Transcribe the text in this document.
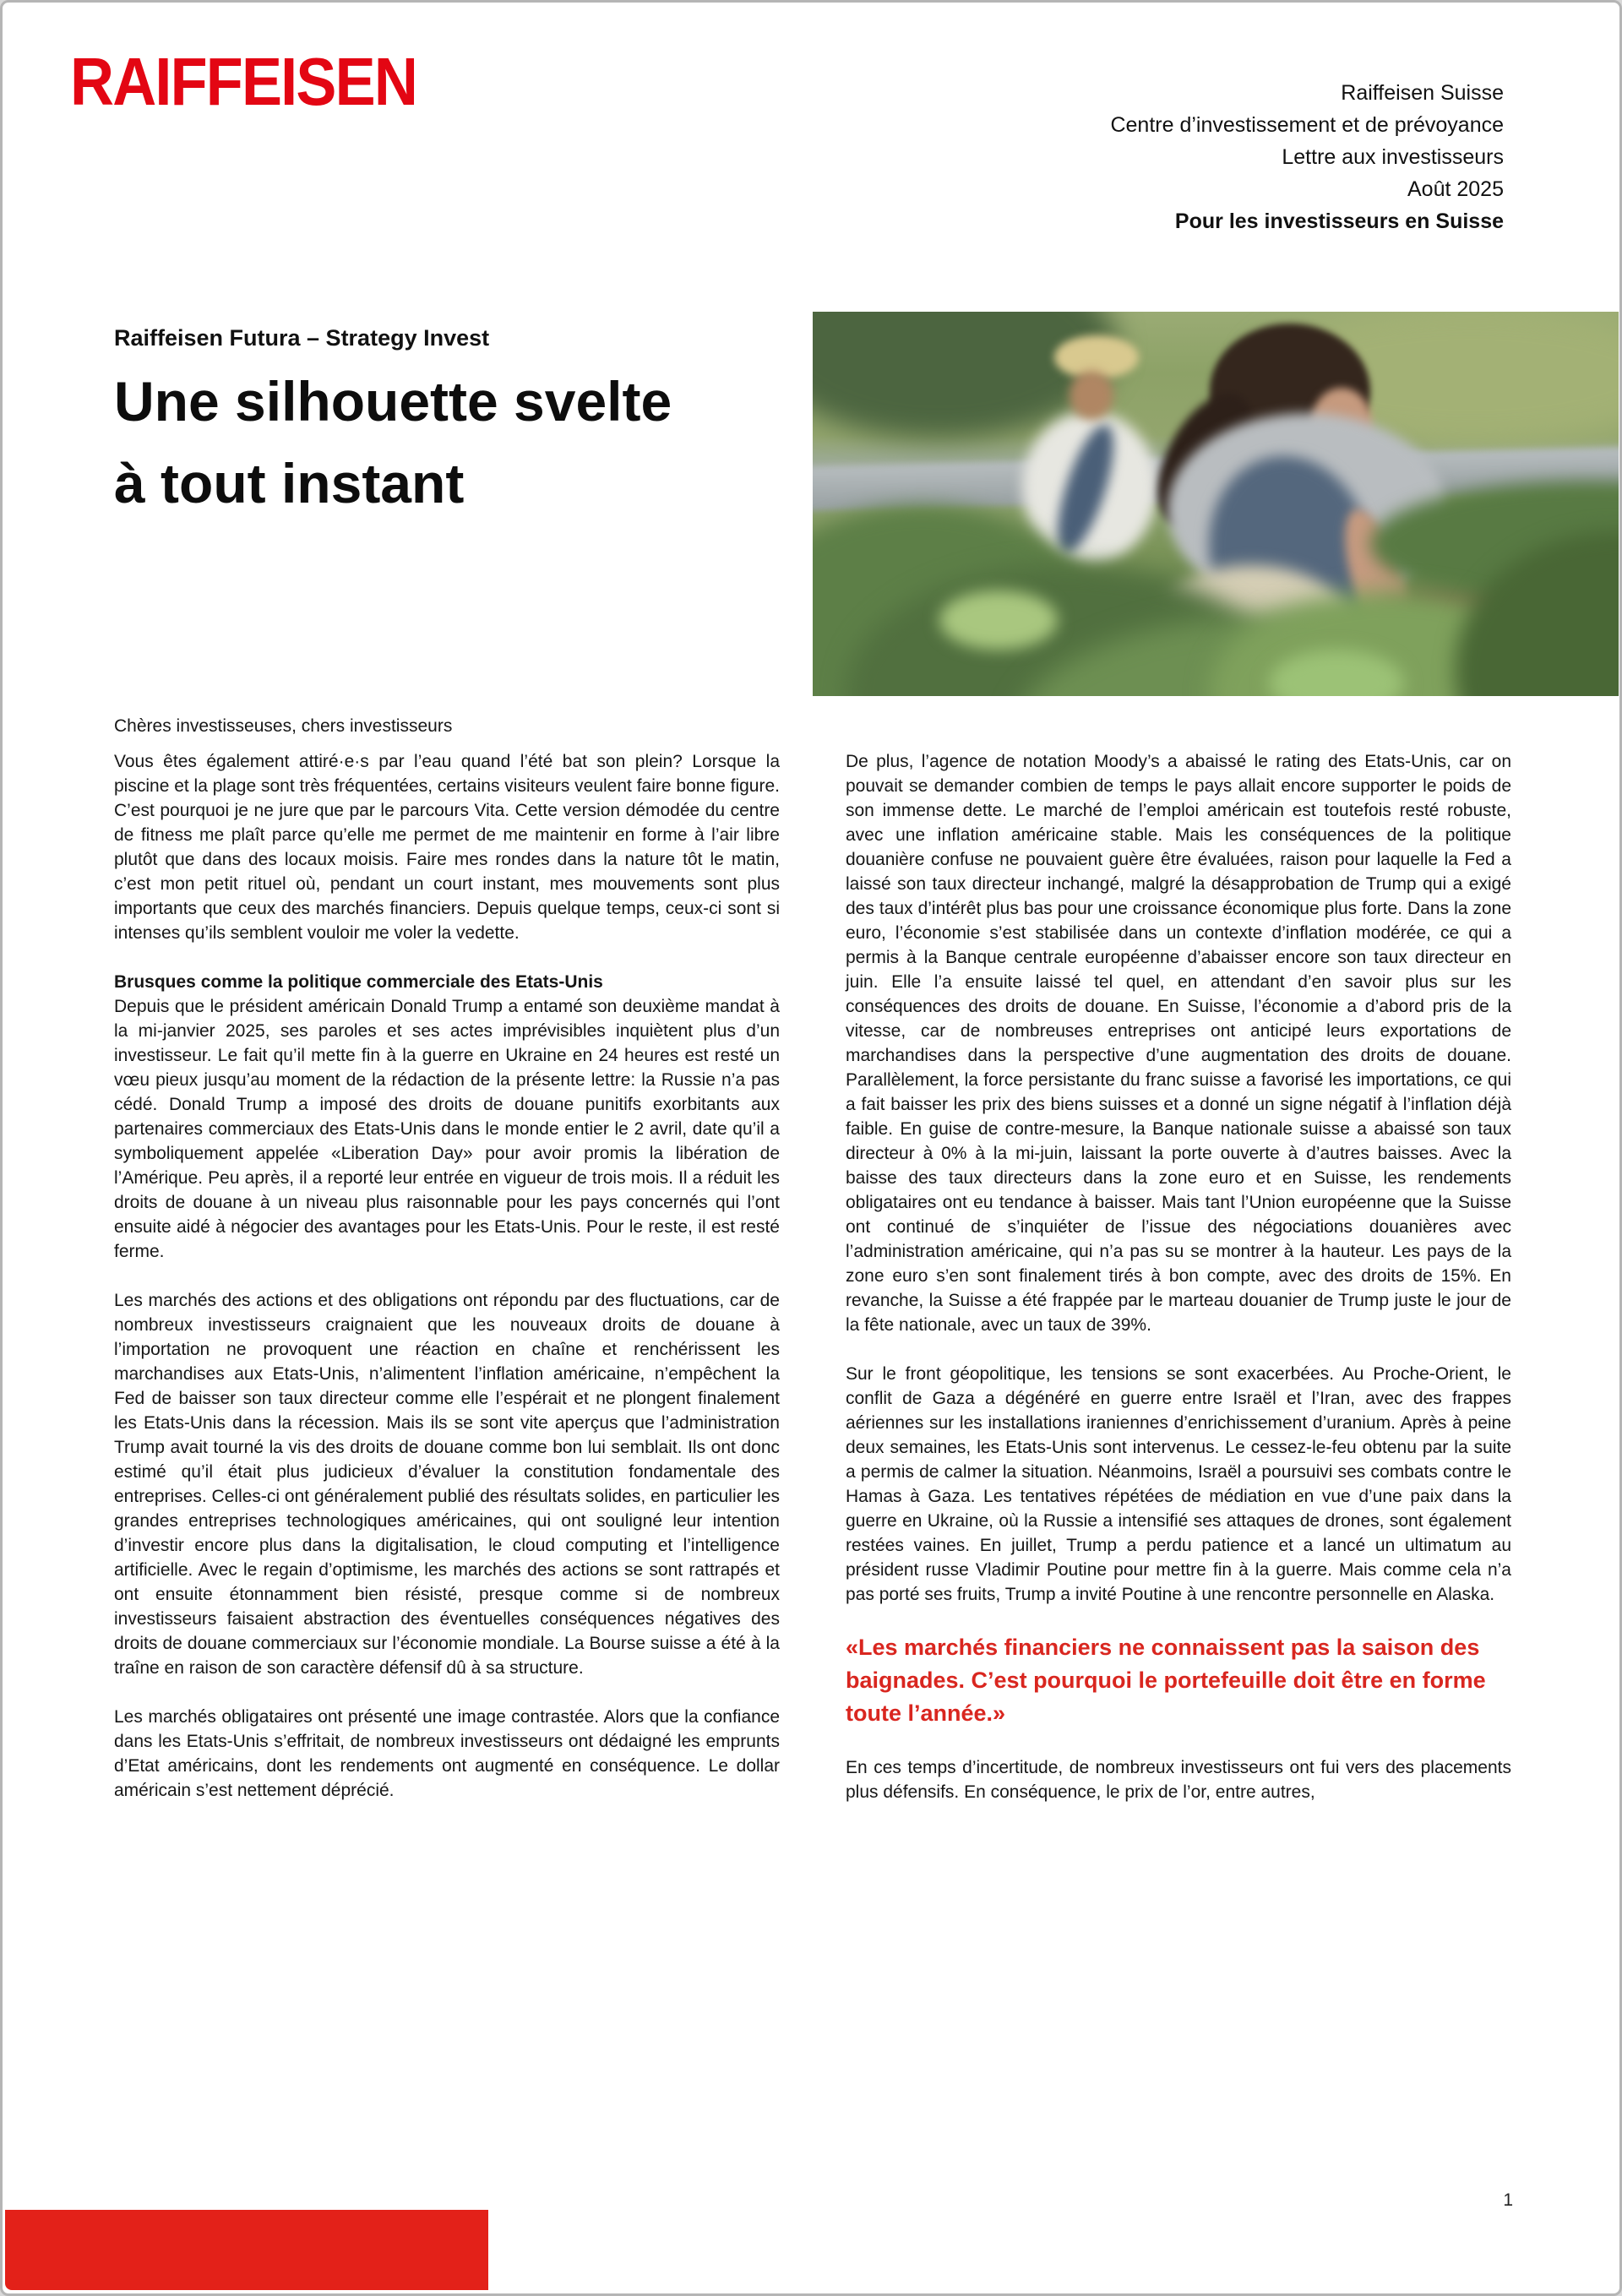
RAIFFEISEN	Raiffeisen Suisse
Centre d’investissement et de prévoyance
Lettre aux investisseurs
Août 2025
Pour les investisseurs en Suisse
Raiffeisen Futura – Strategy Invest
Une silhouette svelte
à tout instant

Chères investisseuses, chers investisseurs

Vous êtes également attiré·e·s par l’eau quand l’été bat son plein? Lorsque la piscine et la plage sont très fréquentées, certains visiteurs veulent faire bonne figure. C’est pourquoi je ne jure que par le parcours Vita. Cette version démodée du centre de fitness me plaît parce qu’elle me permet de me maintenir en forme à l’air libre plutôt que dans des locaux moisis. Faire mes rondes dans la nature tôt le matin, c’est mon petit rituel où, pendant un court instant, mes mouvements sont plus importants que ceux des marchés financiers. Depuis quelque temps, ceux-ci sont si intenses qu’ils semblent vouloir me voler la vedette.

Brusques comme la politique commerciale des Etats-Unis

Depuis que le président américain Donald Trump a entamé son deuxième mandat à la mi-janvier 2025, ses paroles et ses actes imprévisibles inquiètent plus d’un investisseur. Le fait qu’il mette fin à la guerre en Ukraine en 24 heures est resté un vœu pieux jusqu’au moment de la rédaction de la présente lettre: la Russie n’a pas cédé. Donald Trump a imposé des droits de douane punitifs exorbitants aux partenaires commerciaux des Etats-Unis dans le monde entier le 2 avril, date qu’il a symboliquement appelée «Liberation Day» pour avoir promis la libération de l’Amérique. Peu après, il a reporté leur entrée en vigueur de trois mois. Il a réduit les droits de douane à un niveau plus raisonnable pour les pays concernés qui l’ont ensuite aidé à négocier des avantages pour les Etats-Unis. Pour le reste, il est resté ferme.

Les marchés des actions et des obligations ont répondu par des fluctuations, car de nombreux investisseurs craignaient que les nouveaux droits de douane à l’importation ne provoquent une réaction en chaîne et renchérissent les marchandises aux Etats-Unis, n’alimentent l’inflation américaine, n’empêchent la Fed de baisser son taux directeur comme elle l’espérait et ne plongent finalement les Etats-Unis dans la récession. Mais ils se sont vite aperçus que l’administration Trump avait tourné la vis des droits de douane comme bon lui semblait. Ils ont donc estimé qu’il était plus judicieux d’évaluer la constitution fondamentale des entreprises. Celles-ci ont généralement publié des résultats solides, en particulier les grandes entreprises technologiques américaines, qui ont souligné leur intention d’investir encore plus dans la digitalisation, le cloud computing et l’intelligence artificielle. Avec le regain d’optimisme, les marchés des actions se sont rattrapés et ont ensuite étonnamment bien résisté, presque comme si de nombreux investisseurs faisaient abstraction des éventuelles conséquences négatives des droits de douane commerciaux sur l’économie mondiale. La Bourse suisse a été à la traîne en raison de son caractère défensif dû à sa structure.

Les marchés obligataires ont présenté une image contrastée. Alors que la confiance dans les Etats-Unis s’effritait, de nombreux investisseurs ont dédaigné les emprunts d’Etat américains, dont les rendements ont augmenté en conséquence. Le dollar américain s’est nettement déprécié.

De plus, l’agence de notation Moody’s a abaissé le rating des Etats-Unis, car on pouvait se demander combien de temps le pays allait encore supporter le poids de son immense dette. Le marché de l’emploi américain est toutefois resté robuste, avec une inflation américaine stable. Mais les conséquences de la politique douanière confuse ne pouvaient guère être évaluées, raison pour laquelle la Fed a laissé son taux directeur inchangé, malgré la désapprobation de Trump qui a exigé des taux d’intérêt plus bas pour une croissance économique plus forte. Dans la zone euro, l’économie s’est stabilisée dans un contexte d’inflation modérée, ce qui a permis à la Banque centrale européenne d’abaisser encore son taux directeur en juin. Elle l’a ensuite laissé tel quel, en attendant d’en savoir plus sur les conséquences des droits de douane. En Suisse, l’économie a d’abord pris de la vitesse, car de nombreuses entreprises ont anticipé leurs exportations de marchandises dans la perspective d’une augmentation des droits de douane. Parallèlement, la force persistante du franc suisse a favorisé les importations, ce qui a fait baisser les prix des biens suisses et a donné un signe négatif à l’inflation déjà faible. En guise de contre-mesure, la Banque nationale suisse a abaissé son taux directeur à 0% à la mi-juin, laissant la porte ouverte à d’autres baisses. Avec la baisse des taux directeurs dans la zone euro et en Suisse, les rendements obligataires ont eu tendance à baisser. Mais tant l’Union européenne que la Suisse ont continué de s’inquiéter de l’issue des négociations douanières avec l’administration américaine, qui n’a pas su se montrer à la hauteur. Les pays de la zone euro s’en sont finalement tirés à bon compte, avec des droits de 15%. En revanche, la Suisse a été frappée par le marteau douanier de Trump juste le jour de la fête nationale, avec un taux de 39%.

Sur le front géopolitique, les tensions se sont exacerbées. Au Proche-Orient, le conflit de Gaza a dégénéré en guerre entre Israël et l’Iran, avec des frappes aériennes sur les installations iraniennes d’enrichissement d’uranium. Après à peine deux semaines, les Etats-Unis sont intervenus. Le cessez-le-feu obtenu par la suite a permis de calmer la situation. Néanmoins, Israël a poursuivi ses combats contre le Hamas à Gaza. Les tentatives répétées de médiation en vue d’une paix dans la guerre en Ukraine, où la Russie a intensifié ses attaques de drones, sont également restées vaines. En juillet, Trump a perdu patience et a lancé un ultimatum au président russe Vladimir Poutine pour mettre fin à la guerre. Mais comme cela n’a pas porté ses fruits, Trump a invité Poutine à une rencontre personnelle en Alaska.

«Les marchés financiers ne connaissent pas la saison des baignades. C’est pourquoi le portefeuille doit être en forme toute l’année.»

En ces temps d’incertitude, de nombreux investisseurs ont fui vers des placements plus défensifs. En conséquence, le prix de l’or, entre autres,

1
